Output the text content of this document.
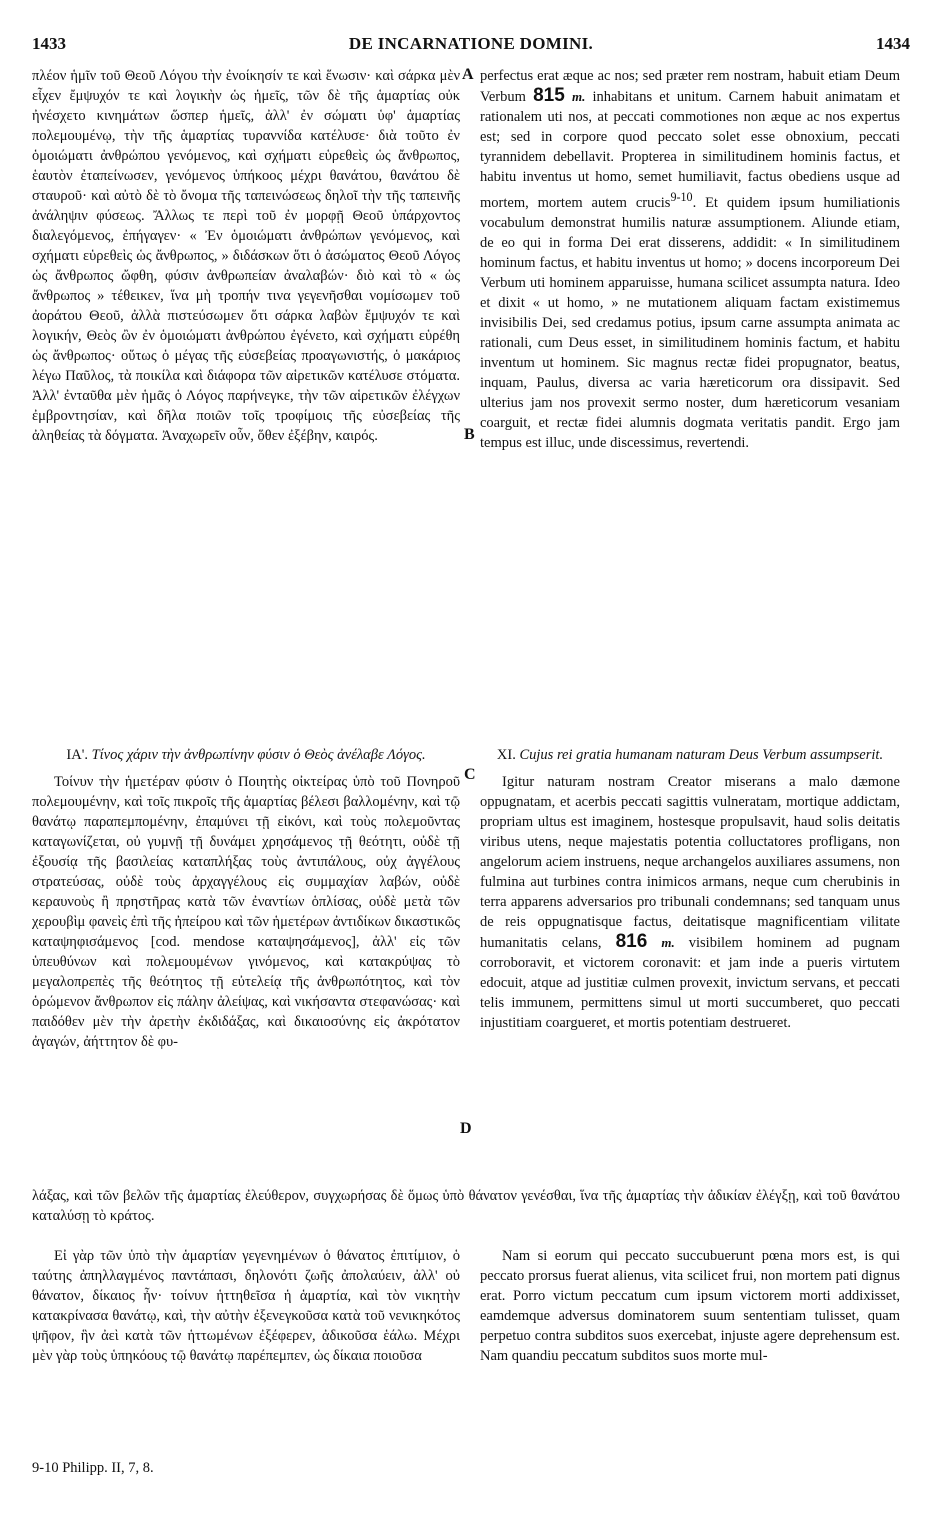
1433	DE INCARNATIONE DOMINI.	1434
A
B
C
D

πλέον ἡμῖν τοῦ Θεοῦ Λόγου τὴν ἐνοίκησίν τε καὶ ἕνωσιν· καὶ σάρκα μὲν εἶχεν ἔμψυχόν τε καὶ λογικὴν ὡς ἡμεῖς, τῶν δὲ τῆς ἁμαρτίας οὐκ ἠνέσχετο κινημάτων ὥσπερ ἡμεῖς, ἀλλ' ἐν σώματι ὑφ' ἁμαρτίας πολεμουμένῳ, τὴν τῆς ἁμαρτίας τυραννίδα κατέλυσε· διὰ τοῦτο ἐν ὁμοιώματι ἀνθρώπου γενόμενος, καὶ σχήματι εὑρεθεὶς ὡς ἄνθρωπος, ἑαυτὸν ἐταπείνωσεν, γενόμενος ὑπήκοος μέχρι θανάτου, θανάτου δὲ σταυροῦ· καὶ αὐτὸ δὲ τὸ ὄνομα τῆς ταπεινώσεως δηλοῖ τὴν τῆς ταπεινῆς ἀνάληψιν φύσεως. Ἄλλως τε περὶ τοῦ ἐν μορφῇ Θεοῦ ὑπάρχοντος διαλεγόμενος, ἐπήγαγεν· « Ἐν ὁμοιώματι ἀνθρώπων γενόμενος, καὶ σχήματι εὑρεθεὶς ὡς ἄνθρωπος, » διδάσκων ὅτι ὁ ἀσώματος Θεοῦ Λόγος ὡς ἄνθρωπος ὤφθη, φύσιν ἀνθρωπείαν ἀναλαβών· διὸ καὶ τὸ « ὡς ἄνθρωπος » τέθεικεν, ἵνα μὴ τροπήν τινα γεγενῆσθαι νομίσωμεν τοῦ ἀοράτου Θεοῦ, ἀλλὰ πιστεύσωμεν ὅτι σάρκα λαβὼν ἔμψυχόν τε καὶ λογικήν, Θεὸς ὢν ἐν ὁμοιώματι ἀνθρώπου ἐγένετο, καὶ σχήματι εὑρέθη ὡς ἄνθρωπος· οὕτως ὁ μέγας τῆς εὐσεβείας προαγωνιστής, ὁ μακάριος λέγω Παῦλος, τὰ ποικίλα καὶ διάφορα τῶν αἱρετικῶν κατέλυσε στόματα. Ἀλλ' ἐνταῦθα μὲν ἡμᾶς ὁ Λόγος παρήνεγκε, τὴν τῶν αἱρετικῶν ἐλέγχων ἐμβροντησίαν, καὶ δῆλα ποιῶν τοῖς τροφίμοις τῆς εὐσεβείας τῆς ἀληθείας τὰ δόγματα. Ἀναχωρεῖν οὖν, ὅθεν ἐξέβην, καιρός.

perfectus erat æque ac nos; sed præter rem nostram, habuit etiam Deum Verbum 815 m. inhabitans et unitum. Carnem habuit animatam et rationalem uti nos, at peccati commotiones non æque ac nos expertus est; sed in corpore quod peccato solet esse obnoxium, peccati tyrannidem debellavit. Propterea in similitudinem hominis factus, et habitu inventus ut homo, semet humiliavit, factus obediens usque ad mortem, mortem autem crucis$^{9-10}$. Et quidem ipsum humiliationis vocabulum demonstrat humilis naturæ assumptionem. Aliunde etiam, de eo qui in forma Dei erat disserens, addidit: « In similitudinem hominum factus, et habitu inventus ut homo; » docens incorporeum Dei Verbum uti hominem apparuisse, humana scilicet assumpta natura. Ideo et dixit « ut homo, » ne mutationem aliquam factam existimemus invisibilis Dei, sed credamus potius, ipsum carne assumpta animata ac rationali, cum Deus esset, in similitudinem hominis factum, et habitu inventum ut hominem. Sic magnus rectæ fidei propugnator, beatus, inquam, Paulus, diversa ac varia hæreticorum ora dissipavit. Sed ulterius jam nos provexit sermo noster, dum hæreticorum vesaniam coarguit, et rectæ fidei alumnis dogmata veritatis pandit. Ergo jam tempus est illuc, unde discessimus, revertendi.

ΙΑ'. Τίνος χάριν τὴν ἀνθρωπίνην φύσιν ὁ Θεὸς ἀνέλαβε Λόγος.

Τοίνυν τὴν ἡμετέραν φύσιν ὁ Ποιητὴς οἰκτείρας ὑπὸ τοῦ Πονηροῦ πολεμουμένην, καὶ τοῖς πικροῖς τῆς ἁμαρτίας βέλεσι βαλλομένην, καὶ τῷ θανάτῳ παραπεμπομένην, ἐπαμύνει τῇ εἰκόνι, καὶ τοὺς πολεμοῦντας καταγωνίζεται, οὐ γυμνῇ τῇ δυνάμει χρησάμενος τῇ θεότητι, οὐδὲ τῇ ἐξουσίᾳ τῆς βασιλείας καταπλήξας τοὺς ἀντιπάλους, οὐχ ἀγγέλους στρατεύσας, οὐδὲ τοὺς ἀρχαγγέλους εἰς συμμαχίαν λαβών, οὐδὲ κεραυνοὺς ἢ πρηστῆρας κατὰ τῶν ἐναντίων ὁπλίσας, οὐδὲ μετὰ τῶν χερουβὶμ φανεὶς ἐπὶ τῆς ἠπείρου καὶ τῶν ἡμετέρων ἀντιδίκων δικαστικῶς καταψηφισάμενος [cod. mendose καταψησάμενος], ἀλλ' εἰς τῶν ὑπευθύνων καὶ πολεμουμένων γινόμενος, καὶ κατακρύψας τὸ μεγαλοπρεπὲς τῆς θεότητος τῇ εὐτελείᾳ τῆς ἀνθρωπότητος, καὶ τὸν ὁρώμενον ἄνθρωπον εἰς πάλην ἀλείψας, καὶ νικήσαντα στεφανώσας· καὶ παιδόθεν μὲν τὴν ἀρετὴν ἐκδιδάξας, καὶ δικαιοσύνης εἰς ἀκρότατον ἀγαγών, ἀήττητον δὲ φυ-

XI. Cujus rei gratia humanam naturam Deus Verbum assumpserit.

Igitur naturam nostram Creator miserans a malo dæmone oppugnatam, et acerbis peccati sagittis vulneratam, mortique addictam, propriam ultus est imaginem, hostesque propulsavit, haud solis deitatis viribus utens, neque majestatis potentia colluctatores profligans, non angelorum aciem instruens, neque archangelos auxiliares assumens, non fulmina aut turbines contra inimicos armans, neque cum cherubinis in terra apparens adversarios pro tribunali condemnans; sed tanquam unus de reis oppugnatisque factus, deitatisque magnificentiam vilitate humanitatis celans, 816 m. visibilem hominem ad pugnam corroboravit, et victorem coronavit: et jam inde a pueris virtutem edocuit, atque ad justitiæ culmen provexit, invictum servans, et peccati telis immunem, permittens simul ut morti succumberet, quo peccati injustitiam coargueret, et mortis potentiam destrueret.

λάξας, καὶ τῶν βελῶν τῆς ἁμαρτίας ἐλεύθερον, συγχωρήσας δὲ ὅμως ὑπὸ θάνατον γενέσθαι, ἵνα τῆς ἁμαρτίας τὴν ἀδικίαν ἐλέγξῃ, καὶ τοῦ θανάτου καταλύσῃ τὸ κράτος.

Εἰ γὰρ τῶν ὑπὸ τὴν ἁμαρτίαν γεγενημένων ὁ θάνατος ἐπιτίμιον, ὁ ταύτης ἀπηλλαγμένος παντάπασι, δηλονότι ζωῆς ἀπολαύειν, ἀλλ' οὐ θάνατον, δίκαιος ἦν· τοίνυν ἡττηθεῖσα ἡ ἁμαρτία, καὶ τὸν νικητὴν κατακρίνασα θανάτῳ, καὶ, τὴν αὐτὴν ἐξενεγκοῦσα κατὰ τοῦ νενικηκότος ψῆφον, ἣν ἀεὶ κατὰ τῶν ἡττωμένων ἐξέφερεν, ἀδικοῦσα ἑάλω. Μέχρι μὲν γὰρ τοὺς ὑπηκόους τῷ θανάτῳ παρέπεμπεν, ὡς δίκαια ποιοῦσα

Nam si eorum qui peccato succubuerunt pœna mors est, is qui peccato prorsus fuerat alienus, vita scilicet frui, non mortem pati dignus erat. Porro victum peccatum cum ipsum victorem morti addixisset, eamdemque adversus dominatorem suum sententiam tulisset, quam perpetuo contra subditos suos exercebat, injuste agere deprehensum est. Nam quandiu peccatum subditos suos morte mul-

9-10 Philipp. II, 7, 8.
